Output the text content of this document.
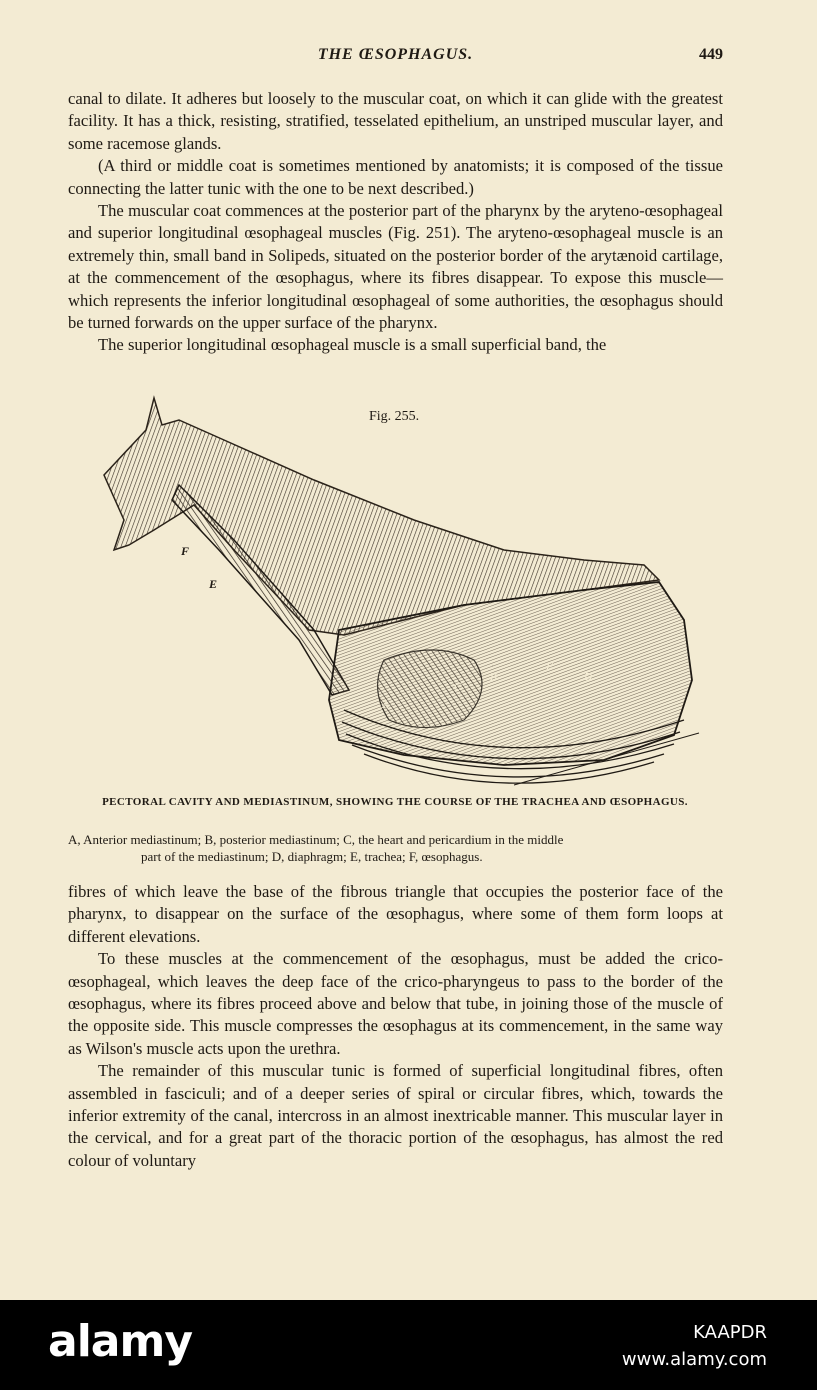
THE ŒSOPHAGUS.	449

canal to dilate. It adheres but loosely to the muscular coat, on which it can glide with the greatest facility. It has a thick, resisting, stratified, tesselated epithelium, an unstriped muscular layer, and some racemose glands.

(A third or middle coat is sometimes mentioned by anatomists; it is composed of the tissue connecting the latter tunic with the one to be next described.)

The muscular coat commences at the posterior part of the pharynx by the aryteno-œsophageal and superior longitudinal œsophageal muscles (Fig. 251). The aryteno-œsophageal muscle is an extremely thin, small band in Solipeds, situated on the posterior border of the arytænoid cartilage, at the commencement of the œsophagus, where its fibres disappear. To expose this muscle—which represents the inferior longitudinal œsophageal of some authorities, the œsophagus should be turned forwards on the upper surface of the pharynx.

The superior longitudinal œsophageal muscle is a small superficial band, the

Fig. 255.
F
E
A
B
C
F
D
PECTORAL CAVITY AND MEDIASTINUM, SHOWING THE COURSE OF THE TRACHEA AND ŒSOPHAGUS.
A, Anterior mediastinum; B, posterior mediastinum; C, the heart and pericardium in the middle
part of the mediastinum; D, diaphragm; E, trachea; F, œsophagus.

fibres of which leave the base of the fibrous triangle that occupies the posterior face of the pharynx, to disappear on the surface of the œsophagus, where some of them form loops at different elevations.

To these muscles at the commencement of the œsophagus, must be added the crico-œsophageal, which leaves the deep face of the crico-pharyngeus to pass to the border of the œsophagus, where its fibres proceed above and below that tube, in joining those of the muscle of the opposite side. This muscle compresses the œsophagus at its commencement, in the same way as Wilson's muscle acts upon the urethra.

The remainder of this muscular tunic is formed of superficial longitudinal fibres, often assembled in fasciculi; and of a deeper series of spiral or circular fibres, which, towards the inferior extremity of the canal, intercross in an almost inextricable manner. This muscular layer in the cervical, and for a great part of the thoracic portion of the œsophagus, has almost the red colour of voluntary

alamy	KAAPDR
www.alamy.com
